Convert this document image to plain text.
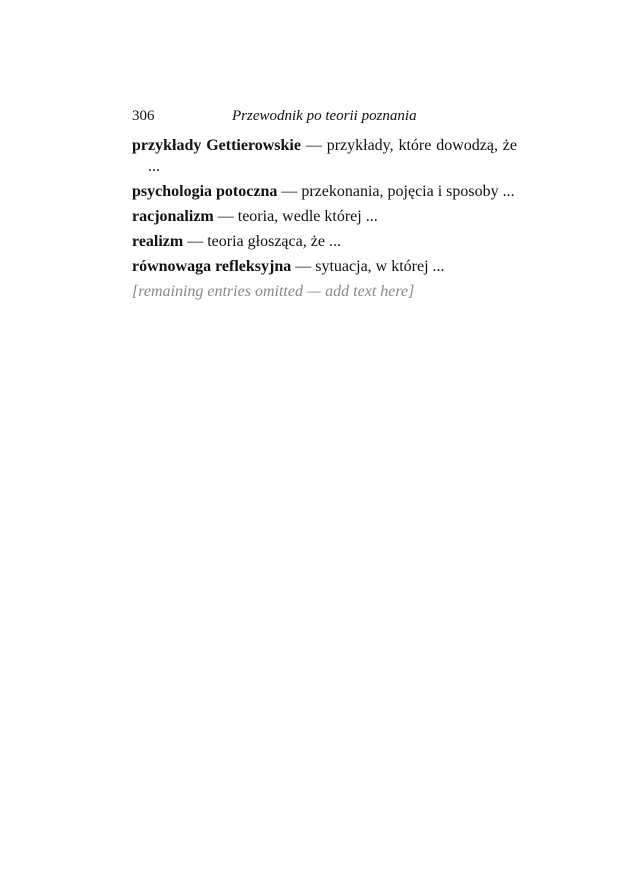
306	Przewodnik po teorii poznania

przykłady Gettierowskie — przykłady, które dowodzą, że ...

psychologia potoczna — przekonania, pojęcia i sposoby ...

racjonalizm — teoria, wedle której ...

realizm — teoria głosząca, że ...

równowaga refleksyjna — sytuacja, w której ...

[remaining entries omitted — add text here]
